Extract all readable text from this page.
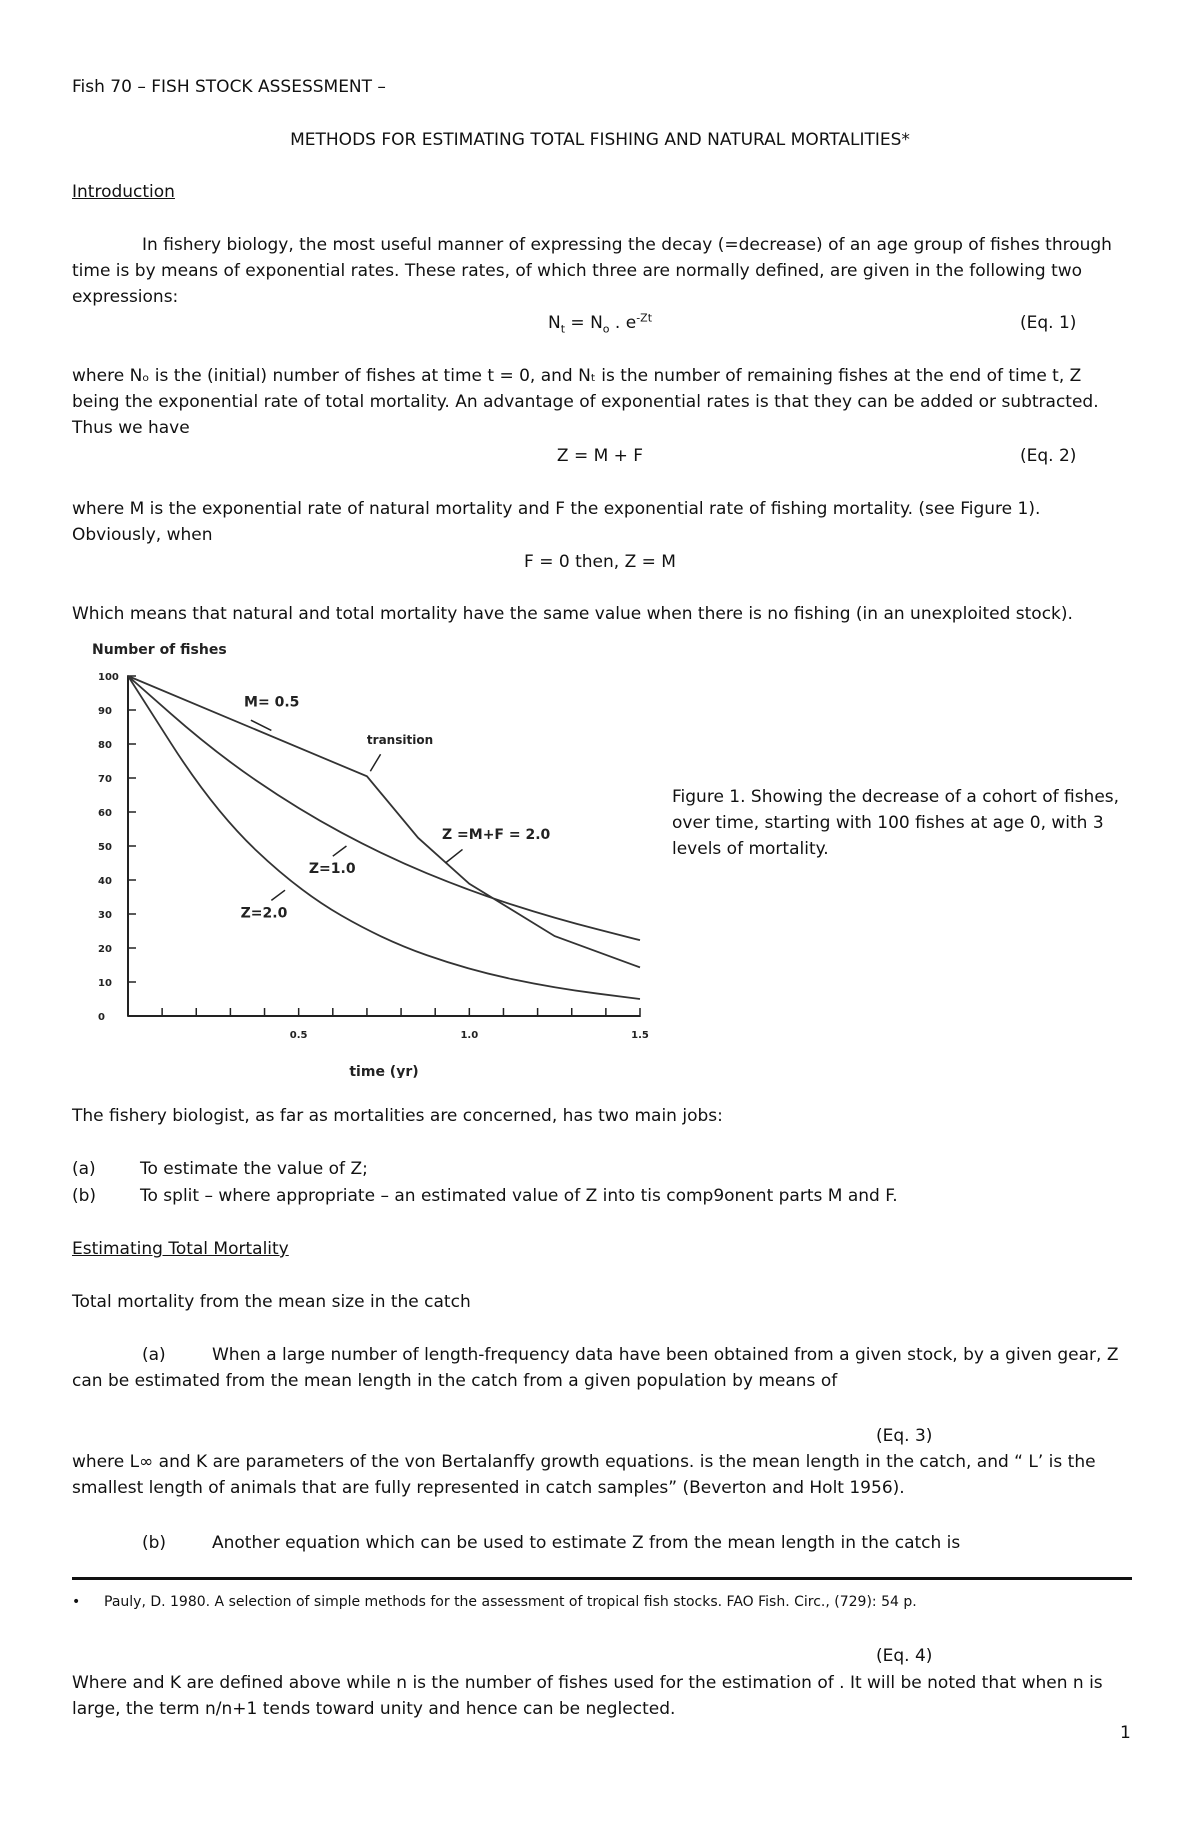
Fish 70 – FISH STOCK ASSESSMENT –
METHODS FOR ESTIMATING TOTAL FISHING AND NATURAL MORTALITIES*
Introduction
In fishery biology, the most useful manner of expressing the decay (=decrease) of an age group of fishes through time is by means of exponential rates. These rates, of which three are normally defined, are given in the following two expressions:
$N_t = N_o$ . $e^{-Zt}$	(Eq. 1)
where Nₒ is the (initial) number of fishes at time t = 0, and Nₜ is the number of remaining fishes at the end of time t, Z being the exponential rate of total mortality. An advantage of exponential rates is that they can be added or subtracted. Thus we have
Z = M + F	(Eq. 2)
where M is the exponential rate of natural mortality and F the exponential rate of fishing mortality. (see Figure 1). Obviously, when
F = 0 then, Z = M
Which means that natural and total mortality have the same value when there is no fishing (in an unexploited stock).
0
10
20
30
40
50
60
70
80
90
100
0.5	1.0	1.5
Number of fishes
time (yr)
M= 0.5
transition
Z =M+F = 2.0
Z=1.0
Z=2.0
Figure 1. Showing the decrease of a cohort of fishes, over time, starting with 100 fishes at age 0, with 3 levels of mortality.
The fishery biologist, as far as mortalities are concerned, has two main jobs:
(a)	To estimate the value of Z;
(b)	To split – where appropriate – an estimated value of Z into tis comp9onent parts M and F.
Estimating Total Mortality
Total mortality from the mean size in the catch
(a)	When a large number of length-frequency data have been obtained from a given stock, by a given gear, Z can be estimated from the mean length in the catch from a given population by means of
(Eq. 3)
where L∞ and K are parameters of the von Bertalanffy growth equations. is the mean length in the catch, and “ L’ is the smallest length of animals that are fully represented in catch samples” (Beverton and Holt 1956).
(b)	Another equation which can be used to estimate Z from the mean length in the catch is
• Pauly, D. 1980. A selection of simple methods for the assessment of tropical fish stocks. FAO Fish. Circ., (729): 54 p.
(Eq. 4)
Where and K are defined above while n is the number of fishes used for the estimation of . It will be noted that when n is large, the term n/n+1 tends toward unity and hence can be neglected.
1
